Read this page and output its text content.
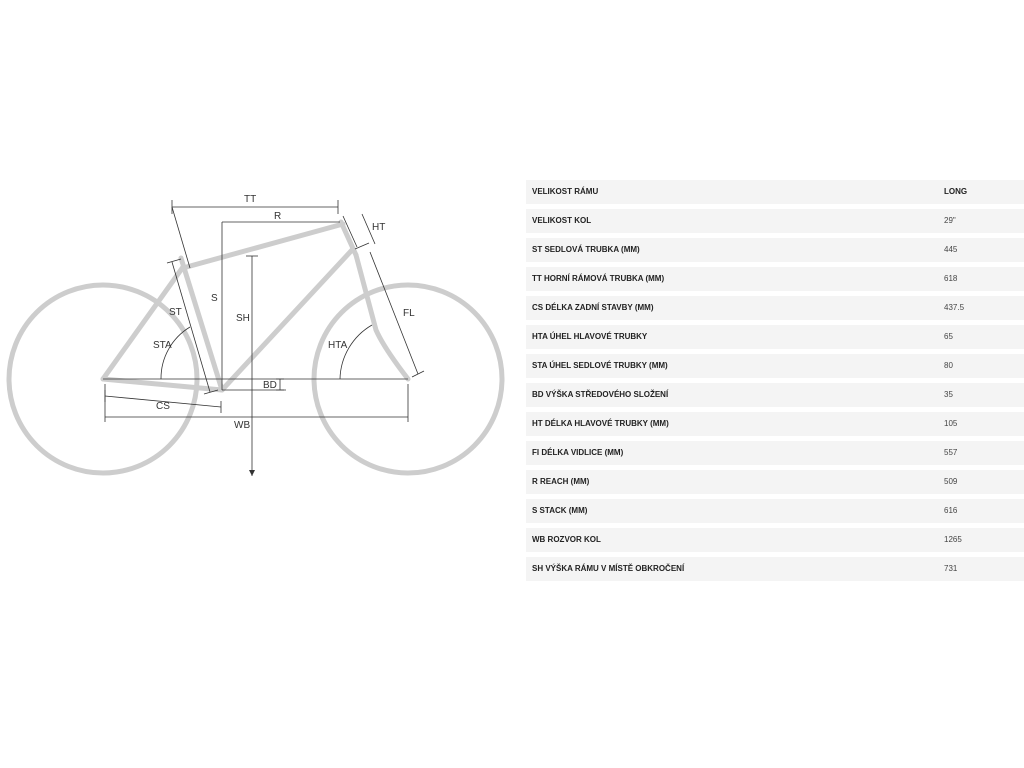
TT
R
S
SH
ST
HT
FL
STA	HTA
BD
CS
WB
VELIKOST RÁMU	LONG
VELIKOST KOL	29"
ST SEDLOVÁ TRUBKA (MM)	445
TT HORNÍ RÁMOVÁ TRUBKA (MM)	618
CS DÉLKA ZADNÍ STAVBY (MM)	437.5
HTA ÚHEL HLAVOVÉ TRUBKY	65
STA ÚHEL SEDLOVÉ TRUBKY (MM)	80
BD VÝŠKA STŘEDOVÉHO SLOŽENÍ	35
HT DÉLKA HLAVOVÉ TRUBKY (MM)	105
FI DÉLKA VIDLICE (MM)	557
R REACH (MM)	509
S STACK (MM)	616
WB ROZVOR KOL	1265
SH VÝŠKA RÁMU V MÍSTĚ OBKROČENÍ	731
